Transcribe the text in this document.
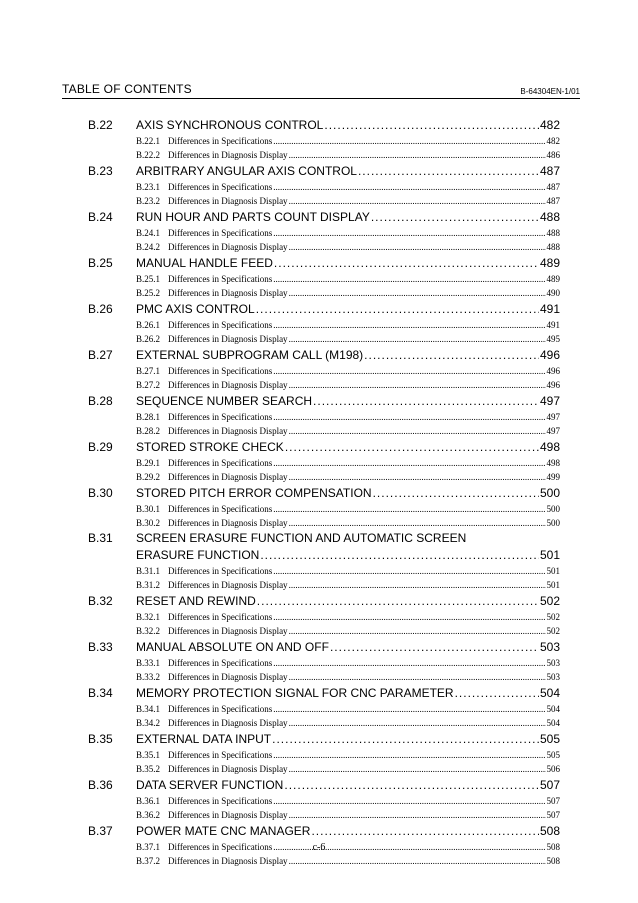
TABLE OF CONTENTS	B-64304EN-1/01
B.22 AXIS SYNCHRONOUS CONTROL .....	482
B.22.1 Differences in Specifications .....	482
B.22.2 Differences in Diagnosis Display .....	486
B.23 ARBITRARY ANGULAR AXIS CONTROL .....	487
B.23.1 Differences in Specifications .....	487
B.23.2 Differences in Diagnosis Display .....	487
B.24 RUN HOUR AND PARTS COUNT DISPLAY .....	488
B.24.1 Differences in Specifications .....	488
B.24.2 Differences in Diagnosis Display .....	488
B.25 MANUAL HANDLE FEED .....	489
B.25.1 Differences in Specifications .....	489
B.25.2 Differences in Diagnosis Display .....	490
B.26 PMC AXIS CONTROL .....	491
B.26.1 Differences in Specifications .....	491
B.26.2 Differences in Diagnosis Display .....	495
B.27 EXTERNAL SUBPROGRAM CALL (M198) .....	496
B.27.1 Differences in Specifications .....	496
B.27.2 Differences in Diagnosis Display .....	496
B.28 SEQUENCE NUMBER SEARCH .....	497
B.28.1 Differences in Specifications .....	497
B.28.2 Differences in Diagnosis Display .....	497
B.29 STORED STROKE CHECK .....	498
B.29.1 Differences in Specifications .....	498
B.29.2 Differences in Diagnosis Display .....	499
B.30 STORED PITCH ERROR COMPENSATION .....	500
B.30.1 Differences in Specifications .....	500
B.30.2 Differences in Diagnosis Display .....	500
B.31 SCREEN ERASURE FUNCTION AND AUTOMATIC SCREEN
ERASURE FUNCTION .....	501
B.31.1 Differences in Specifications .....	501
B.31.2 Differences in Diagnosis Display .....	501
B.32 RESET AND REWIND .....	502
B.32.1 Differences in Specifications .....	502
B.32.2 Differences in Diagnosis Display .....	502
B.33 MANUAL ABSOLUTE ON AND OFF .....	503
B.33.1 Differences in Specifications .....	503
B.33.2 Differences in Diagnosis Display .....	503
B.34 MEMORY PROTECTION SIGNAL FOR CNC PARAMETER .....	504
B.34.1 Differences in Specifications .....	504
B.34.2 Differences in Diagnosis Display .....	504
B.35 EXTERNAL DATA INPUT .....	505
B.35.1 Differences in Specifications .....	505
B.35.2 Differences in Diagnosis Display .....	506
B.36 DATA SERVER FUNCTION .....	507
B.36.1 Differences in Specifications .....	507
B.36.2 Differences in Diagnosis Display .....	507
B.37 POWER MATE CNC MANAGER .....	508
B.37.1 Differences in Specifications .....	508
B.37.2 Differences in Diagnosis Display .....	508
c-6
